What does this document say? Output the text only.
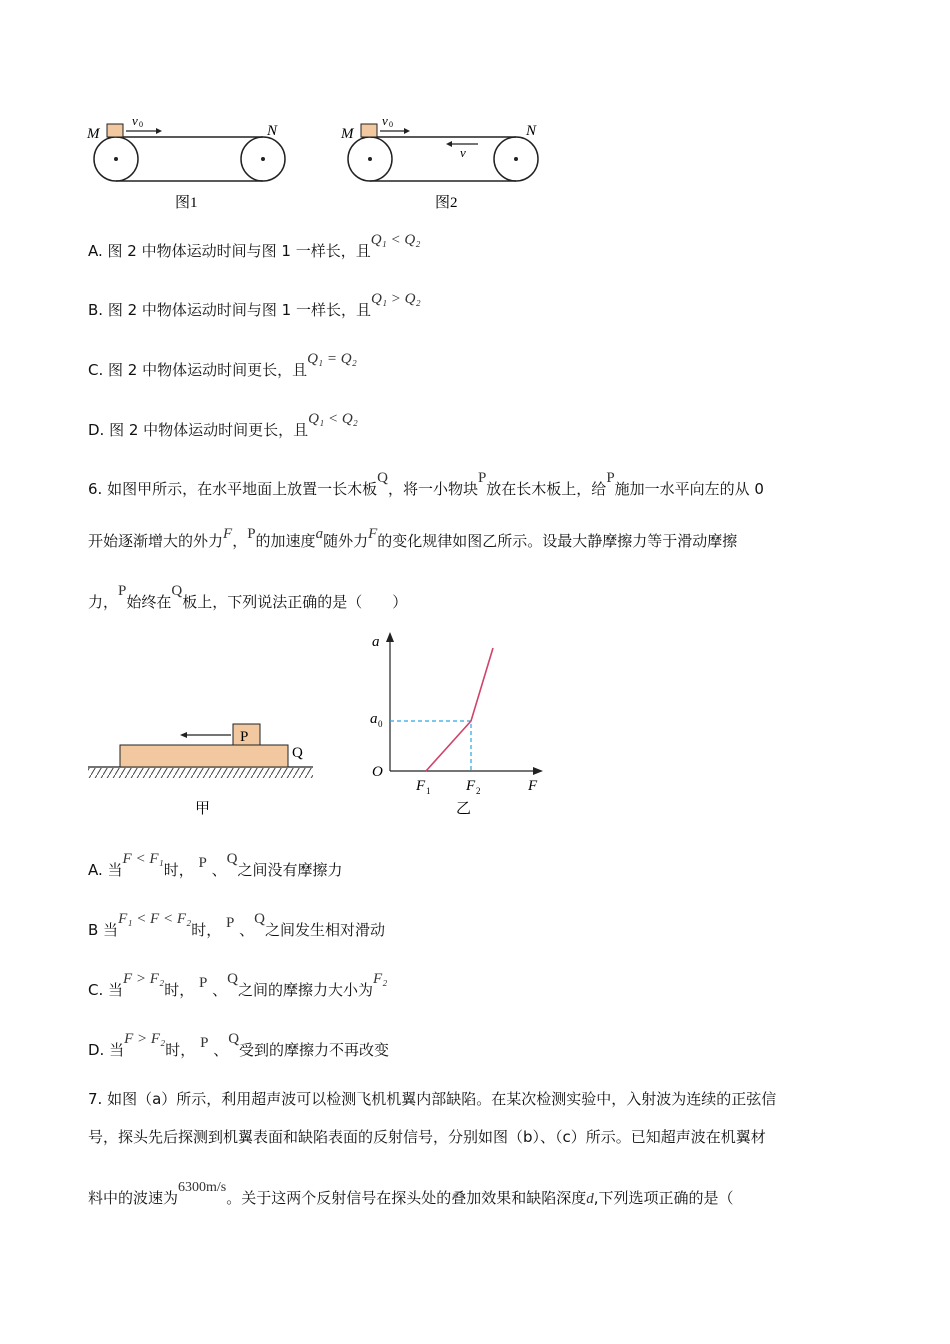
M	N
v 0
M	N
v 0
v
图1	图2
A. 图 2 中物体运动时间与图 1 一样长，且Q₁ < Q₂
B. 图 2 中物体运动时间与图 1 一样长，且Q₁ > Q₂
C. 图 2 中物体运动时间更长，且Q₁ = Q₂
D. 图 2 中物体运动时间更长，且Q₁ < Q₂
6. 如图甲所示，在水平地面上放置一长木板Q，将一小物块P放在长木板上，给P施加一水平向左的从 0
开始逐渐增大的外力F，P的加速度a随外力F的变化规律如图乙所示。设最大静摩擦力等于滑动摩擦
力，P始终在Q板上，下列说法正确的是（　　）
P
Q
甲
a
F
O
a 0
F 1 F 2
乙
A. 当F < F₁时， P 、Q之间没有摩擦力
B 当F₁ < F < F₂时， P 、Q之间发生相对滑动
C. 当F > F₂时， P 、Q之间的摩擦力大小为F₂
D. 当F > F₂时， P 、Q受到的摩擦力不再改变
7. 如图（a）所示，利用超声波可以检测飞机机翼内部缺陷。在某次检测实验中，入射波为连续的正弦信
号，探头先后探测到机翼表面和缺陷表面的反射信号，分别如图（b）、（c）所示。已知超声波在机翼材
料中的波速为6300m/s。关于这两个反射信号在探头处的叠加效果和缺陷深度d,下列选项正确的是（
